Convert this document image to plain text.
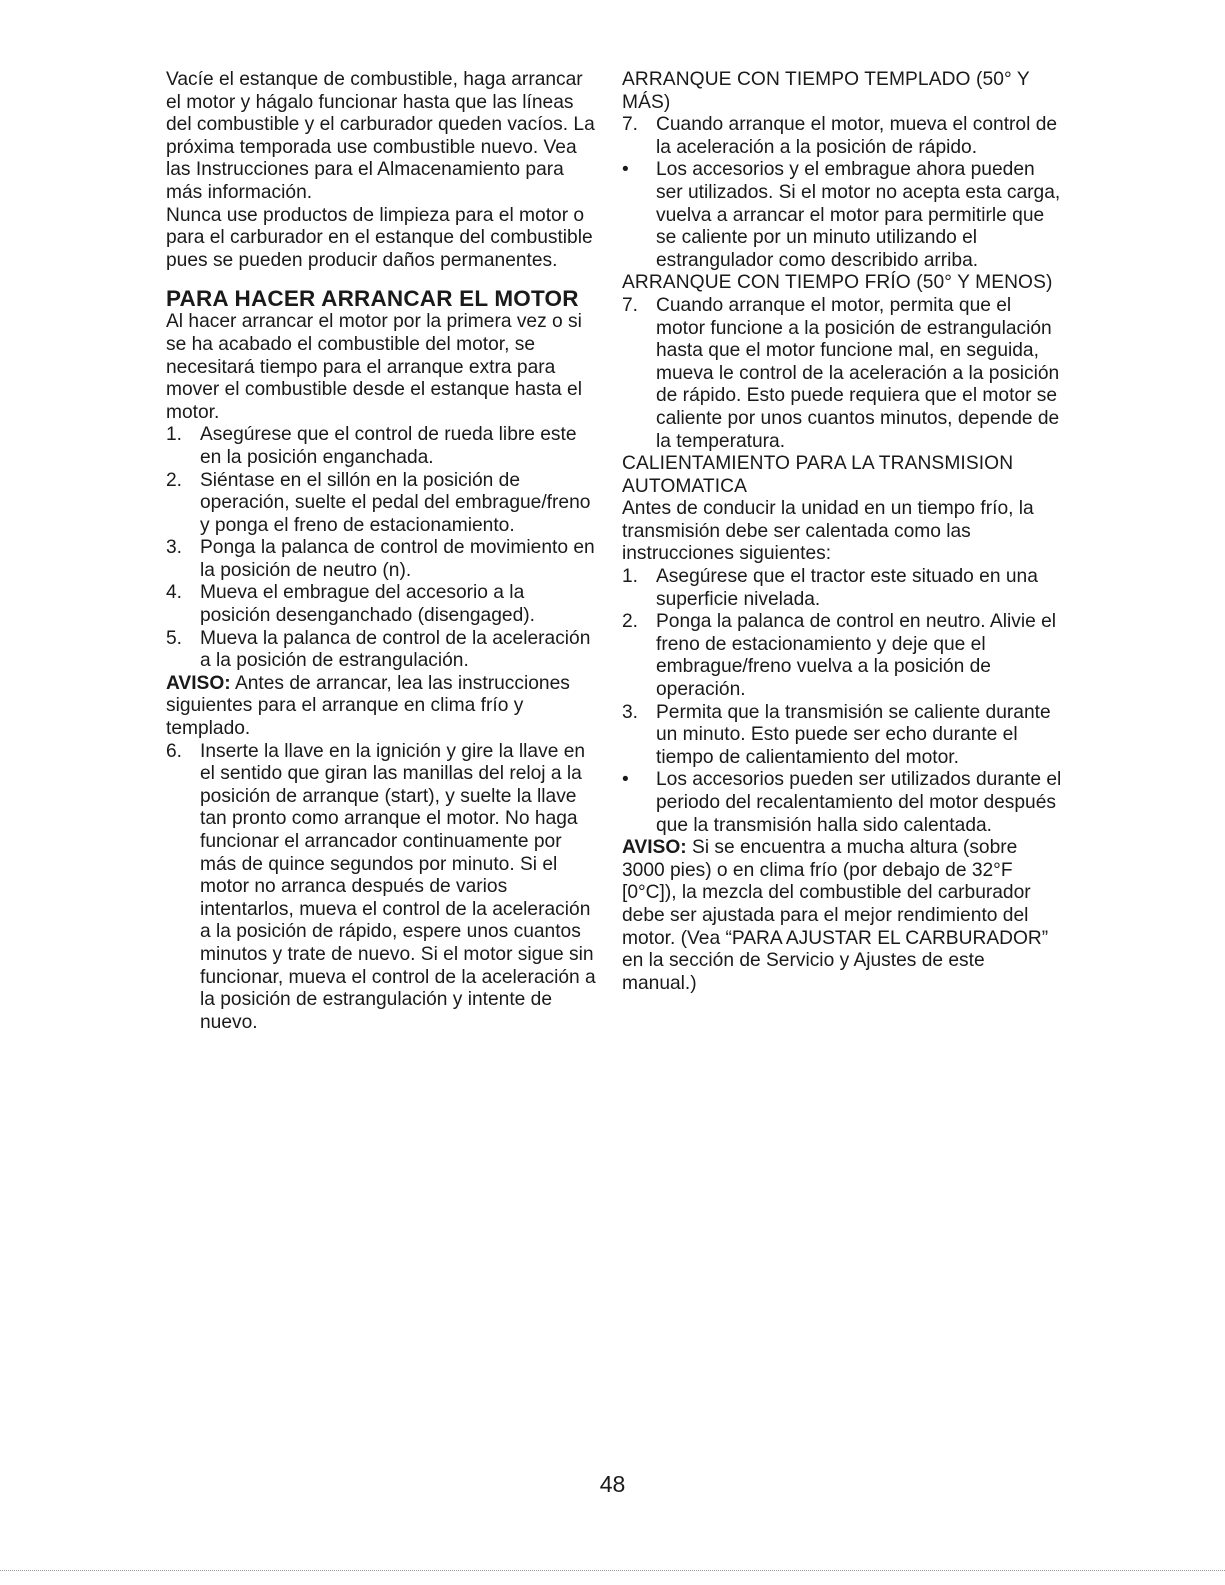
Vacíe el estanque de combustible, haga arrancar el motor y hágalo funcionar hasta que las líneas del combustible y el carburador queden vacíos. La próxima temporada use combustible nuevo. Vea las Instrucciones para el Almacenamiento para más información.

Nunca use productos de limpieza para el motor o para el carburador en el estanque del combustible pues se pueden producir daños permanentes.

PARA HACER ARRANCAR EL MOTOR

Al hacer arrancar el motor por la primera vez o si se ha acabado el combustible del motor, se necesitará tiempo para el arranque extra para mover el combustible desde el estanque hasta el motor.

1. Asegúrese que el control de rueda libre este en la posición enganchada.
2. Siéntase en el sillón en la posición de operación, suelte el pedal del embrague/freno y ponga el freno de estacionamiento.
3. Ponga la palanca de control de movimiento en la posición de neutro (n).
4. Mueva el embrague del accesorio a la posición desenganchado (disengaged).
5. Mueva la palanca de control de la aceleración a la posición de estrangulación.

AVISO: Antes de arrancar, lea las instrucciones siguientes para el arranque en clima frío y templado.

6. Inserte la llave en la ignición y gire la llave en el sentido que giran las manillas del reloj a la posición de arranque (start), y suelte la llave tan pronto como arranque el motor. No haga funcionar el arrancador continuamente por más de quince segundos por minuto. Si el motor no arranca después de varios intentarlos, mueva el control de la aceleración a la posición de rápido, espere unos cuantos minutos y trate de nuevo. Si el motor sigue sin funcionar, mueva el control de la aceleración a la posición de estrangulación y intente de nuevo.

ARRANQUE CON TIEMPO TEMPLADO (50° Y MÁS)

7. Cuando arranque el motor, mueva el control de la aceleración a la posición de rápido.
• Los accesorios y el embrague ahora pueden ser utilizados. Si el motor no acepta esta carga, vuelva a arrancar el motor para permitirle que se caliente por un minuto utilizando el estrangulador como describido arriba.

ARRANQUE CON TIEMPO FRÍO (50° Y MENOS)

7. Cuando arranque el motor, permita que el motor funcione a la posición de estrangulación hasta que el motor funcione mal, en seguida, mueva le control de la aceleración a la posición de rápido. Esto puede requiera que el motor se caliente por unos cuantos minutos, depende de la temperatura.

CALIENTAMIENTO PARA LA TRANSMISION AUTOMATICA

Antes de conducir la unidad en un tiempo frío, la transmisión debe ser calentada como las instrucciones siguientes:

1. Asegúrese que el tractor este situado en una superficie nivelada.
2. Ponga la palanca de control en neutro. Alivie el freno de estacionamiento y deje que el embrague/freno vuelva a la posición de operación.
3. Permita que la transmisión se caliente durante un minuto. Esto puede ser echo durante el tiempo de calientamiento del motor.
• Los accesorios pueden ser utilizados durante el periodo del recalentamiento del motor después que la transmisión halla sido calentada.

AVISO: Si se encuentra a mucha altura (sobre 3000 pies) o en clima frío (por debajo de 32°F [0°C]), la mezcla del combustible del carburador debe ser ajustada para el mejor rendimiento del motor. (Vea “PARA AJUSTAR EL CARBURADOR” en la sección de Servicio y Ajustes de este manual.)

48
